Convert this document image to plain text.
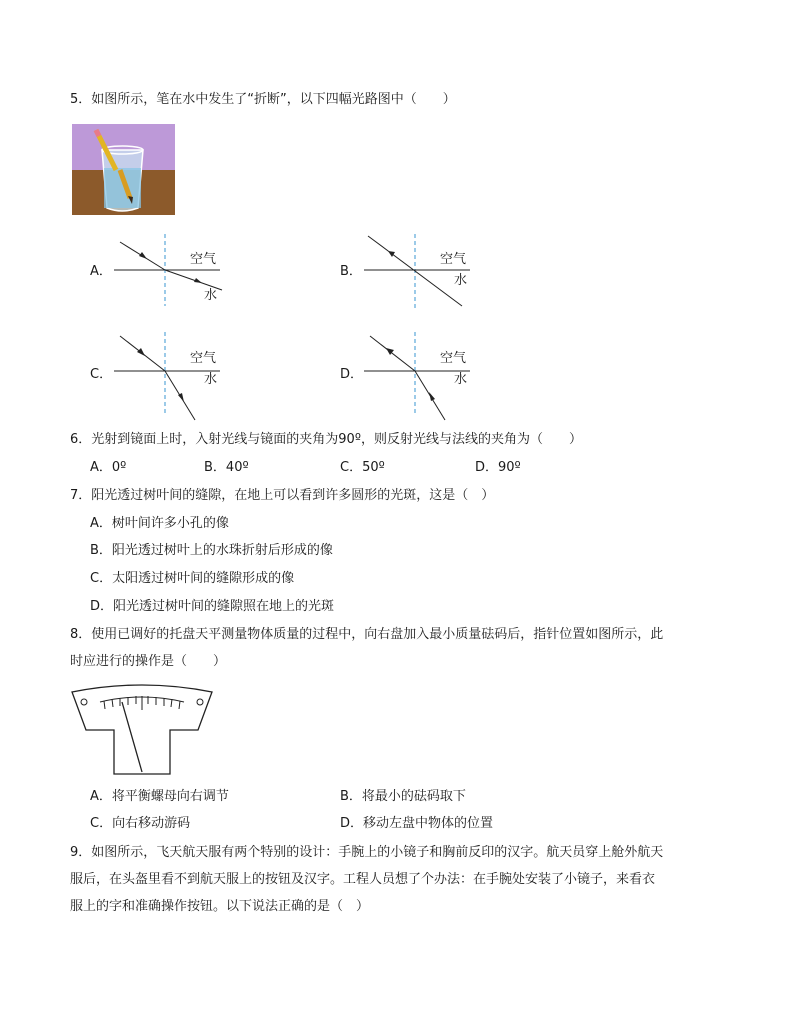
5．如图所示，笔在水中发生了“折断”，以下四幅光路图中（　　）
A．
空气
水
B．
空气
水
C．
空气
水	D．
空气
水
6．光射到镜面上时，入射光线与镜面的夹角为90º，则反射光线与法线的夹角为（　　）
A．0º	B．40º	C．50º	D．90º
7．阳光透过树叶间的缝隙，在地上可以看到许多圆形的光斑，这是（　）
A．树叶间许多小孔的像
B．阳光透过树叶上的水珠折射后形成的像
C．太阳透过树叶间的缝隙形成的像
D．阳光透过树叶间的缝隙照在地上的光斑
8．使用已调好的托盘天平测量物体质量的过程中，向右盘加入最小质量砝码后，指针位置如图所示，此
时应进行的操作是（　　）
A．将平衡螺母向右调节	B．将最小的砝码取下
C．向右移动游码	D．移动左盘中物体的位置
9．如图所示，飞天航天服有两个特别的设计：手腕上的小镜子和胸前反印的汉字。航天员穿上舱外航天
服后，在头盔里看不到航天服上的按钮及汉字。工程人员想了个办法：在手腕处安装了小镜子，来看衣
服上的字和准确操作按钮。以下说法正确的是（　）
